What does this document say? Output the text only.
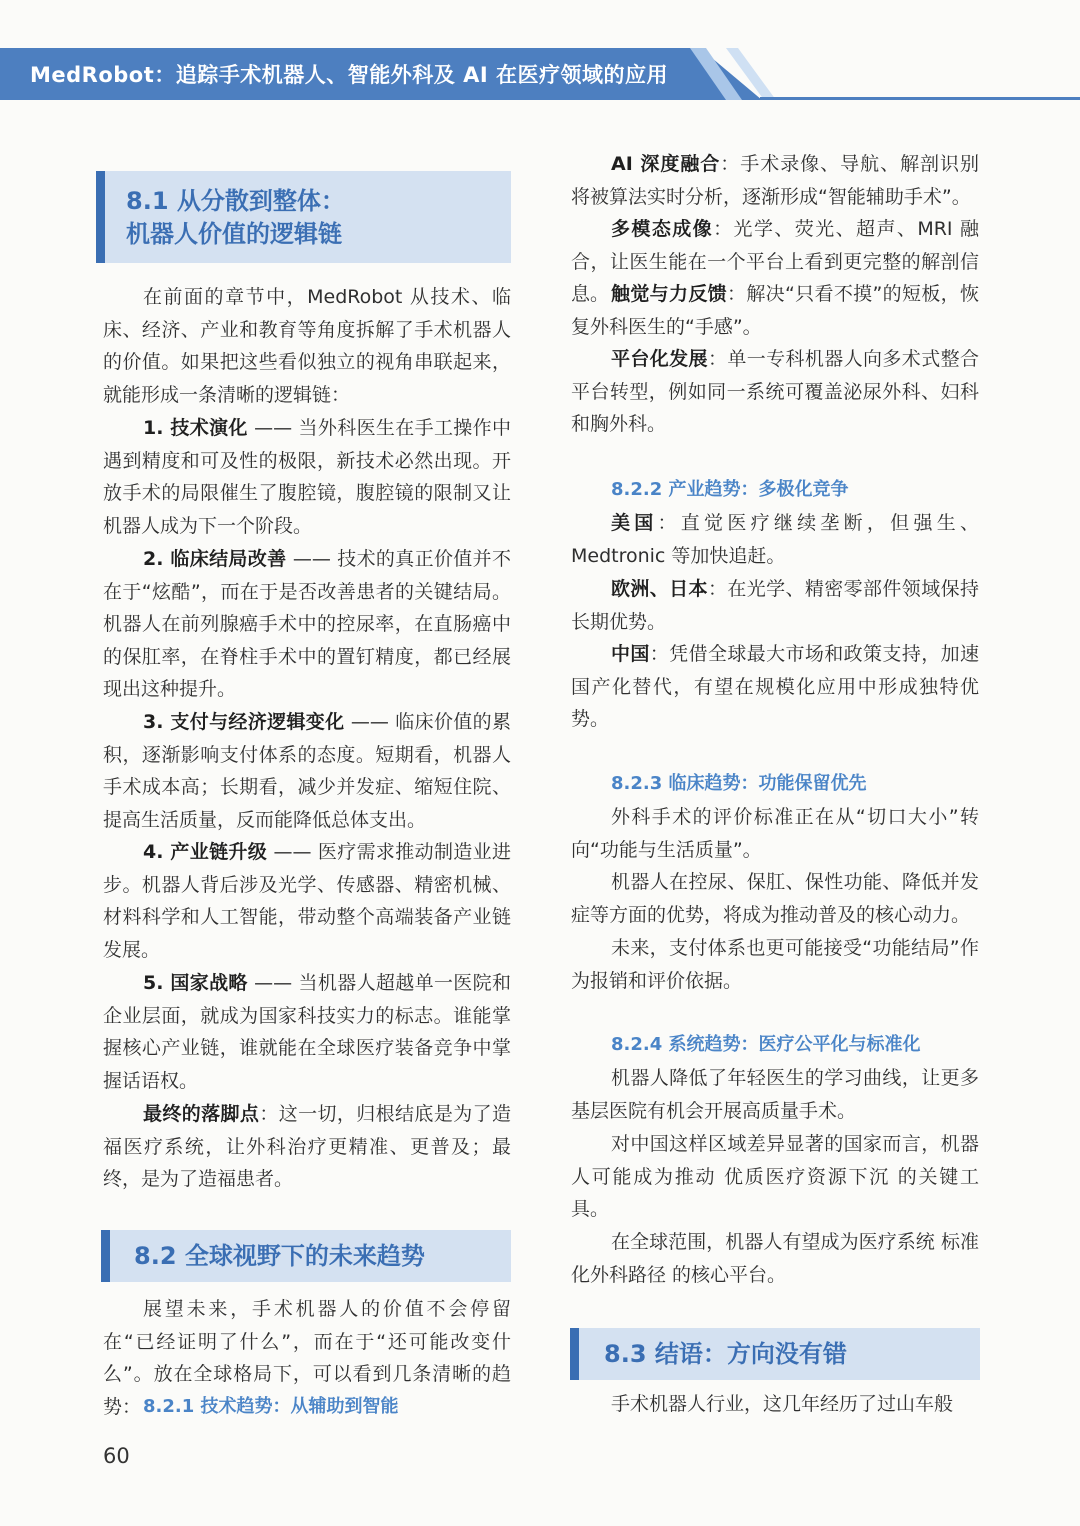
MedRobot：追踪手术机器人、智能外科及 AI 在医疗领域的应用
8.1 从分散到整体：
机器人价值的逻辑链

在前面的章节中，MedRobot 从技术、临床、经济、产业和教育等角度拆解了手术机器人的价值。如果把这些看似独立的视角串联起来，就能形成一条清晰的逻辑链：

1. 技术演化 —— 当外科医生在手工操作中遇到精度和可及性的极限，新技术必然出现。开放手术的局限催生了腹腔镜，腹腔镜的限制又让机器人成为下一个阶段。

2. 临床结局改善 —— 技术的真正价值并不在于“炫酷”，而在于是否改善患者的关键结局。机器人在前列腺癌手术中的控尿率，在直肠癌中的保肛率，在脊柱手术中的置钉精度，都已经展现出这种提升。

3. 支付与经济逻辑变化 —— 临床价值的累积，逐渐影响支付体系的态度。短期看，机器人手术成本高；长期看，减少并发症、缩短住院、提高生活质量，反而能降低总体支出。

4. 产业链升级 —— 医疗需求推动制造业进步。机器人背后涉及光学、传感器、精密机械、材料科学和人工智能，带动整个高端装备产业链发展。

5. 国家战略 —— 当机器人超越单一医院和企业层面，就成为国家科技实力的标志。谁能掌握核心产业链，谁就能在全球医疗装备竞争中掌握话语权。

最终的落脚点：这一切，归根结底是为了造福医疗系统，让外科治疗更精准、更普及；最终，是为了造福患者。

8.2 全球视野下的未来趋势

展望未来，手术机器人的价值不会停留在“已经证明了什么”，而在于“还可能改变什么”。放在全球格局下，可以看到几条清晰的趋势： 8.2.1 技术趋势：从辅助到智能

AI 深度融合：手术录像、导航、解剖识别将被算法实时分析，逐渐形成“智能辅助手术”。

多模态成像：光学、荧光、超声、MRI 融合，让医生能在一个平台上看到更完整的解剖信息。 触觉与力反馈：解决“只看不摸”的短板，恢复外科医生的“手感”。

平台化发展：单一专科机器人向多术式整合平台转型，例如同一系统可覆盖泌尿外科、妇科和胸外科。

8.2.2 产业趋势：多极化竞争

美国：直觉医疗继续垄断，但强生、Medtronic 等加快追赶。

欧洲、日本：在光学、精密零部件领域保持长期优势。

中国：凭借全球最大市场和政策支持，加速国产化替代，有望在规模化应用中形成独特优势。

8.2.3 临床趋势：功能保留优先

外科手术的评价标准正在从“切口大小”转向“功能与生活质量”。

机器人在控尿、保肛、保性功能、降低并发症等方面的优势，将成为推动普及的核心动力。

未来，支付体系也更可能接受“功能结局”作为报销和评价依据。

8.2.4 系统趋势：医疗公平化与标准化

机器人降低了年轻医生的学习曲线，让更多基层医院有机会开展高质量手术。

对中国这样区域差异显著的国家而言，机器人可能成为推动 优质医疗资源下沉 的关键工具。

在全球范围，机器人有望成为医疗系统 标准化外科路径 的核心平台。

8.3 结语：方向没有错

手术机器人行业，这几年经历了过山车般

60
